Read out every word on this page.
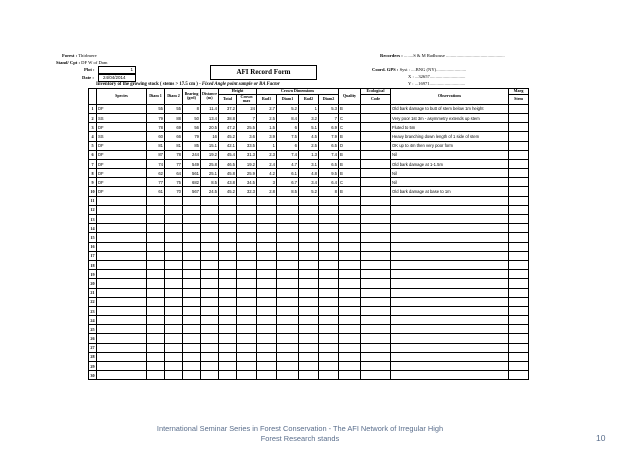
Forest : Thirlmere
Stand/ Cpt : DF W of Dam
Plot :	1
Date :	24/04/2014
AFI Record Form
Recorders : ........S & M Radhouse ...................................................
Coord. GPS : Syst : ....BNG (NY)..........................
X : ...32657...............................
Y : ...16971...............................
Inventory of the growing stock ( stems > 17.5 cm ) - Fixed Angle point sample or BA Factor
	Species	Diam 1	Diam 2	Bearing (grd)	Distance (m)	Height		Crown Dimensions				Quality	Ecological	Observations	Marg
						Total	Crown max	Rad1	Diam1	Rad2	Diam2		Code		Stem
1	DF	55	55	8	11.4	37.2	24	2.7	5.2	1	5.3	B		Old bark damage to butt of stem below 1m height	
2	SS	79	88	50	13.4	38.8	7	2.5	8.4	3.2	7	C		Very poor 1st 3m - asymmetry extends up stem	
3	DF	78	69	56	20.5	47.2	25.5	1.5	6	5.1	6.9	C		Fluted to 5m	
4	SS	60	66	79	16	45.2	3.6	3.9	7.5	4.5	7.9	B		Heavy branching down length of 1 side of stem	
5	DF	81	81	85	15.1	42.1	33.5	1	6	2.5	6.5	D		OK up to 4m then very poor form	
6	DF	87	78	244	19.2	45.4	31.3	2.3	7.4	1.3	7.4	B		Nil	
7	DF	74	77	549	25.8	46.5	19.2	2.4	4.7	3.1	6.5	B		Old bark damage at 1-1.5m	
8	DF	62	64	561	25.1	45.8	25.9	4.2	6.1	4.8	9.5	B		Nil	
9	DF	77	75	682	8.5	43.8	34.5	3	6.7	3.4	6.4	C		Nil	
10	DF	61	70	567	24.5	45.2	32.3	2.8	8.5	5.2	8	B		Old bark damage at base to 1m	
11															
12															
13															
14															
15															
16															
17															
18															
19															
20															
21															
22															
23															
24															
25															
26															
27															
28															
29															
30															
International Seminar Series in Forest Conservation - The AFI Network of Irregular High
Forest Research stands	10
